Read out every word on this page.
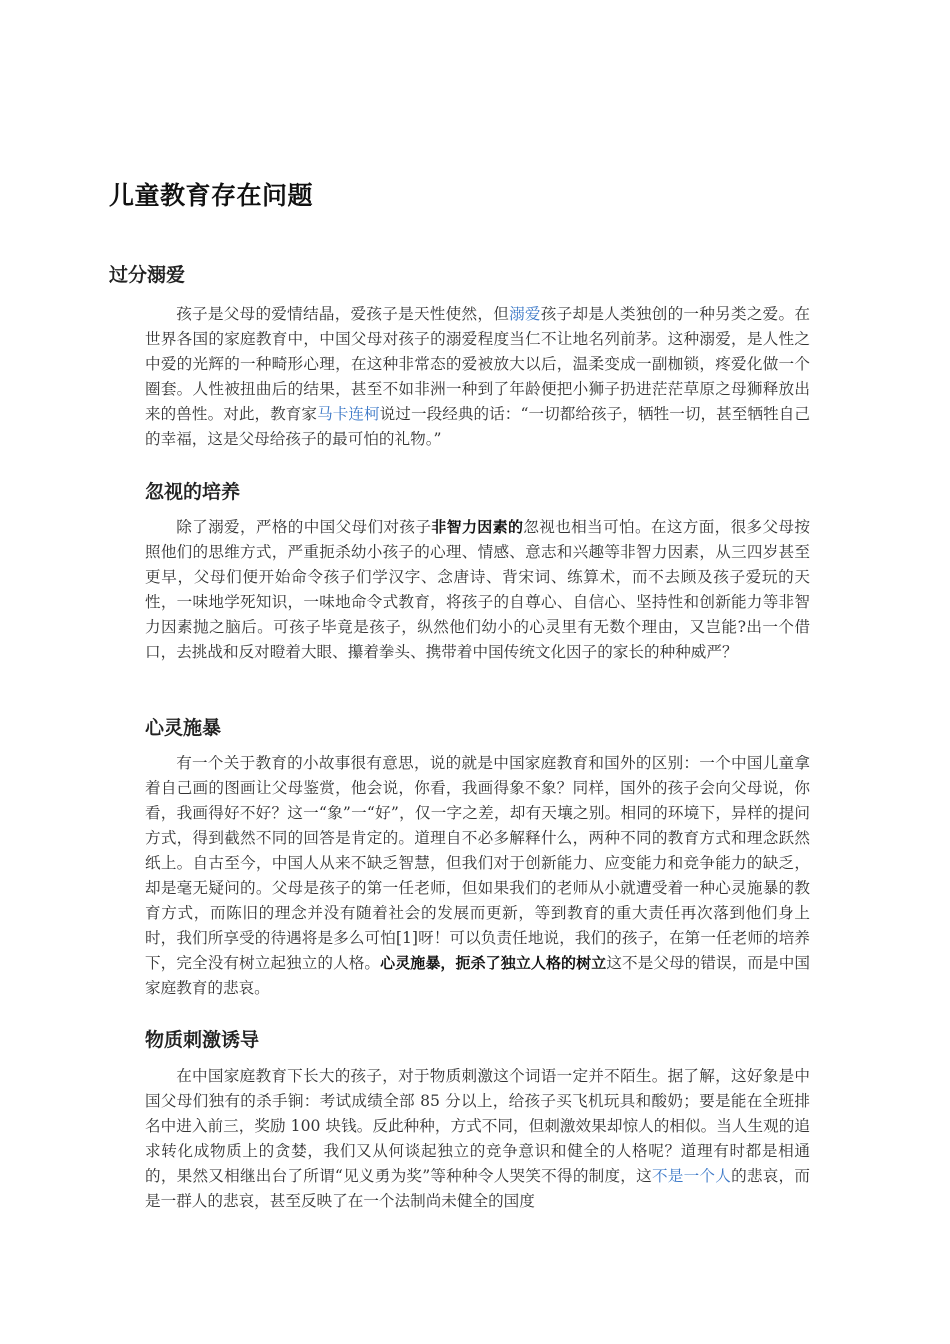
儿童教育存在问题
过分溺爱

孩子是父母的爱情结晶，爱孩子是天性使然，但溺爱孩子却是人类独创的一种另类之爱。在世界各国的家庭教育中，中国父母对孩子的溺爱程度当仁不让地名列前茅。这种溺爱，是人性之中爱的光辉的一种畸形心理，在这种非常态的爱被放大以后，温柔变成一副枷锁，疼爱化做一个圈套。人性被扭曲后的结果，甚至不如非洲一种到了年龄便把小狮子扔进茫茫草原之母狮释放出来的兽性。对此，教育家马卡连柯说过一段经典的话：“一切都给孩子，牺牲一切，甚至牺牲自己的幸福，这是父母给孩子的最可怕的礼物。”

忽视的培养

除了溺爱，严格的中国父母们对孩子非智力因素的忽视也相当可怕。在这方面，很多父母按照他们的思维方式，严重扼杀幼小孩子的心理、情感、意志和兴趣等非智力因素，从三四岁甚至更早，父母们便开始命令孩子们学汉字、念唐诗、背宋词、练算术，而不去顾及孩子爱玩的天性，一味地学死知识，一味地命令式教育，将孩子的自尊心、自信心、坚持性和创新能力等非智力因素抛之脑后。可孩子毕竟是孩子，纵然他们幼小的心灵里有无数个理由，又岂能?出一个借口，去挑战和反对瞪着大眼、攥着拳头、携带着中国传统文化因子的家长的种种威严？

心灵施暴

有一个关于教育的小故事很有意思，说的就是中国家庭教育和国外的区别：一个中国儿童拿着自己画的图画让父母鉴赏，他会说，你看，我画得象不象？同样，国外的孩子会向父母说，你看，我画得好不好？这一“象”一“好”，仅一字之差，却有天壤之别。相同的环境下，异样的提问方式，得到截然不同的回答是肯定的。道理自不必多解释什么，两种不同的教育方式和理念跃然纸上。自古至今，中国人从来不缺乏智慧，但我们对于创新能力、应变能力和竞争能力的缺乏，却是毫无疑问的。父母是孩子的第一任老师，但如果我们的老师从小就遭受着一种心灵施暴的教育方式，而陈旧的理念并没有随着社会的发展而更新，等到教育的重大责任再次落到他们身上时，我们所享受的待遇将是多么可怕[1]呀！可以负责任地说，我们的孩子，在第一任老师的培养下，完全没有树立起独立的人格。心灵施暴，扼杀了独立人格的树立这不是父母的错误，而是中国家庭教育的悲哀。

物质刺激诱导

在中国家庭教育下长大的孩子，对于物质刺激这个词语一定并不陌生。据了解，这好象是中国父母们独有的杀手锏：考试成绩全部 85 分以上，给孩子买飞机玩具和酸奶；要是能在全班排名中进入前三，奖励 100 块钱。反此种种，方式不同，但刺激效果却惊人的相似。当人生观的追求转化成物质上的贪婪，我们又从何谈起独立的竞争意识和健全的人格呢？道理有时都是相通的，果然又相继出台了所谓“见义勇为奖”等种种令人哭笑不得的制度，这不是一个人的悲哀，而是一群人的悲哀，甚至反映了在一个法制尚未健全的国度
